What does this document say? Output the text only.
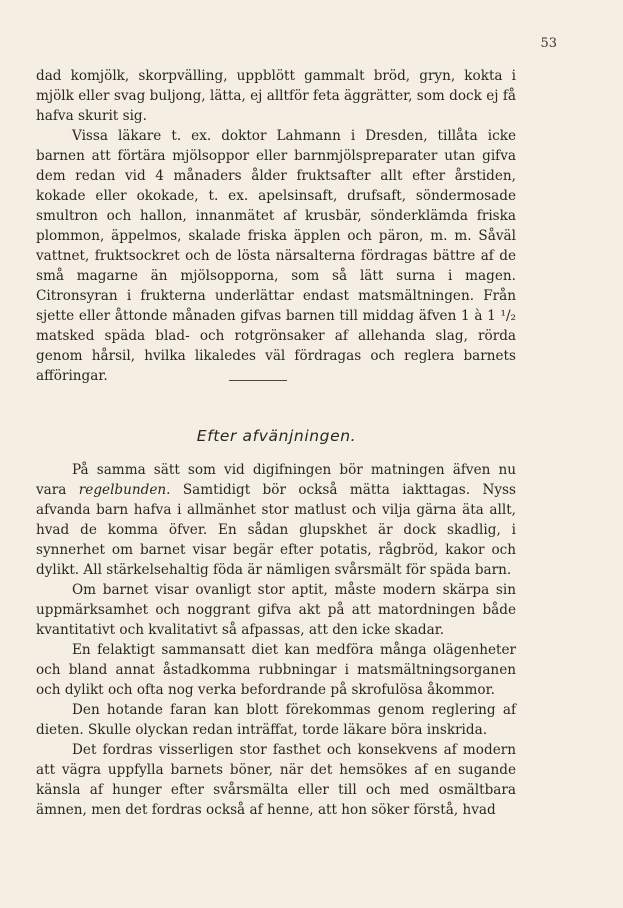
53

dad komjölk, skorpvälling, uppblött gammalt bröd, gryn, kokta i mjölk eller svag buljong, lätta, ej alltför feta äggrätter, som dock ej få hafva skurit sig.

Vissa läkare t. ex. doktor Lahmann i Dresden, tillåta icke barnen att förtära mjölsoppor eller barnmjölspreparater utan gifva dem redan vid 4 månaders ålder fruktsafter allt efter årstiden, kokade eller okokade, t. ex. apelsinsaft, drufsaft, söndermosade smultron och hallon, innanmätet af krusbär, sönderklämda friska plommon, äppelmos, skalade friska äpplen och päron, m. m. Såväl vattnet, fruktsockret och de lösta närsalterna fördragas bättre af de små magarne än mjölsopporna, som så lätt surna i magen. Citronsyran i frukterna underlättar endast matsmältningen. Från sjette eller åttonde månaden gifvas barnen till middag äfven 1 à 1 ¹/₂ matsked späda blad- och rotgrönsaker af allehanda slag, rörda genom hårsil, hvilka likaledes väl fördragas och reglera barnets afföringar.

Efter afvänjningen.

På samma sätt som vid digifningen bör matningen äfven nu vara regelbunden. Samtidigt bör också mätta iakttagas. Nyss afvanda barn hafva i allmänhet stor matlust och vilja gärna äta allt, hvad de komma öfver. En sådan glupskhet är dock skadlig, i synnerhet om barnet visar begär efter potatis, rågbröd, kakor och dylikt. All stärkelsehaltig föda är nämligen svårsmält för späda barn.

Om barnet visar ovanligt stor aptit, måste modern skärpa sin uppmärksamhet och noggrant gifva akt på att matordningen både kvantitativt och kvalitativt så afpassas, att den icke skadar.

En felaktigt sammansatt diet kan medföra många olägenheter och bland annat åstadkomma rubbningar i matsmältningsorganen och dylikt och ofta nog verka befordrande på skrofulösa åkommor.

Den hotande faran kan blott förekommas genom reglering af dieten. Skulle olyckan redan inträffat, torde läkare böra inskrida.

Det fordras visserligen stor fasthet och konsekvens af modern att vägra uppfylla barnets böner, när det hemsökes af en sugande känsla af hunger efter svårsmälta eller till och med osmältbara ämnen, men det fordras också af henne, att hon söker förstå, hvad
